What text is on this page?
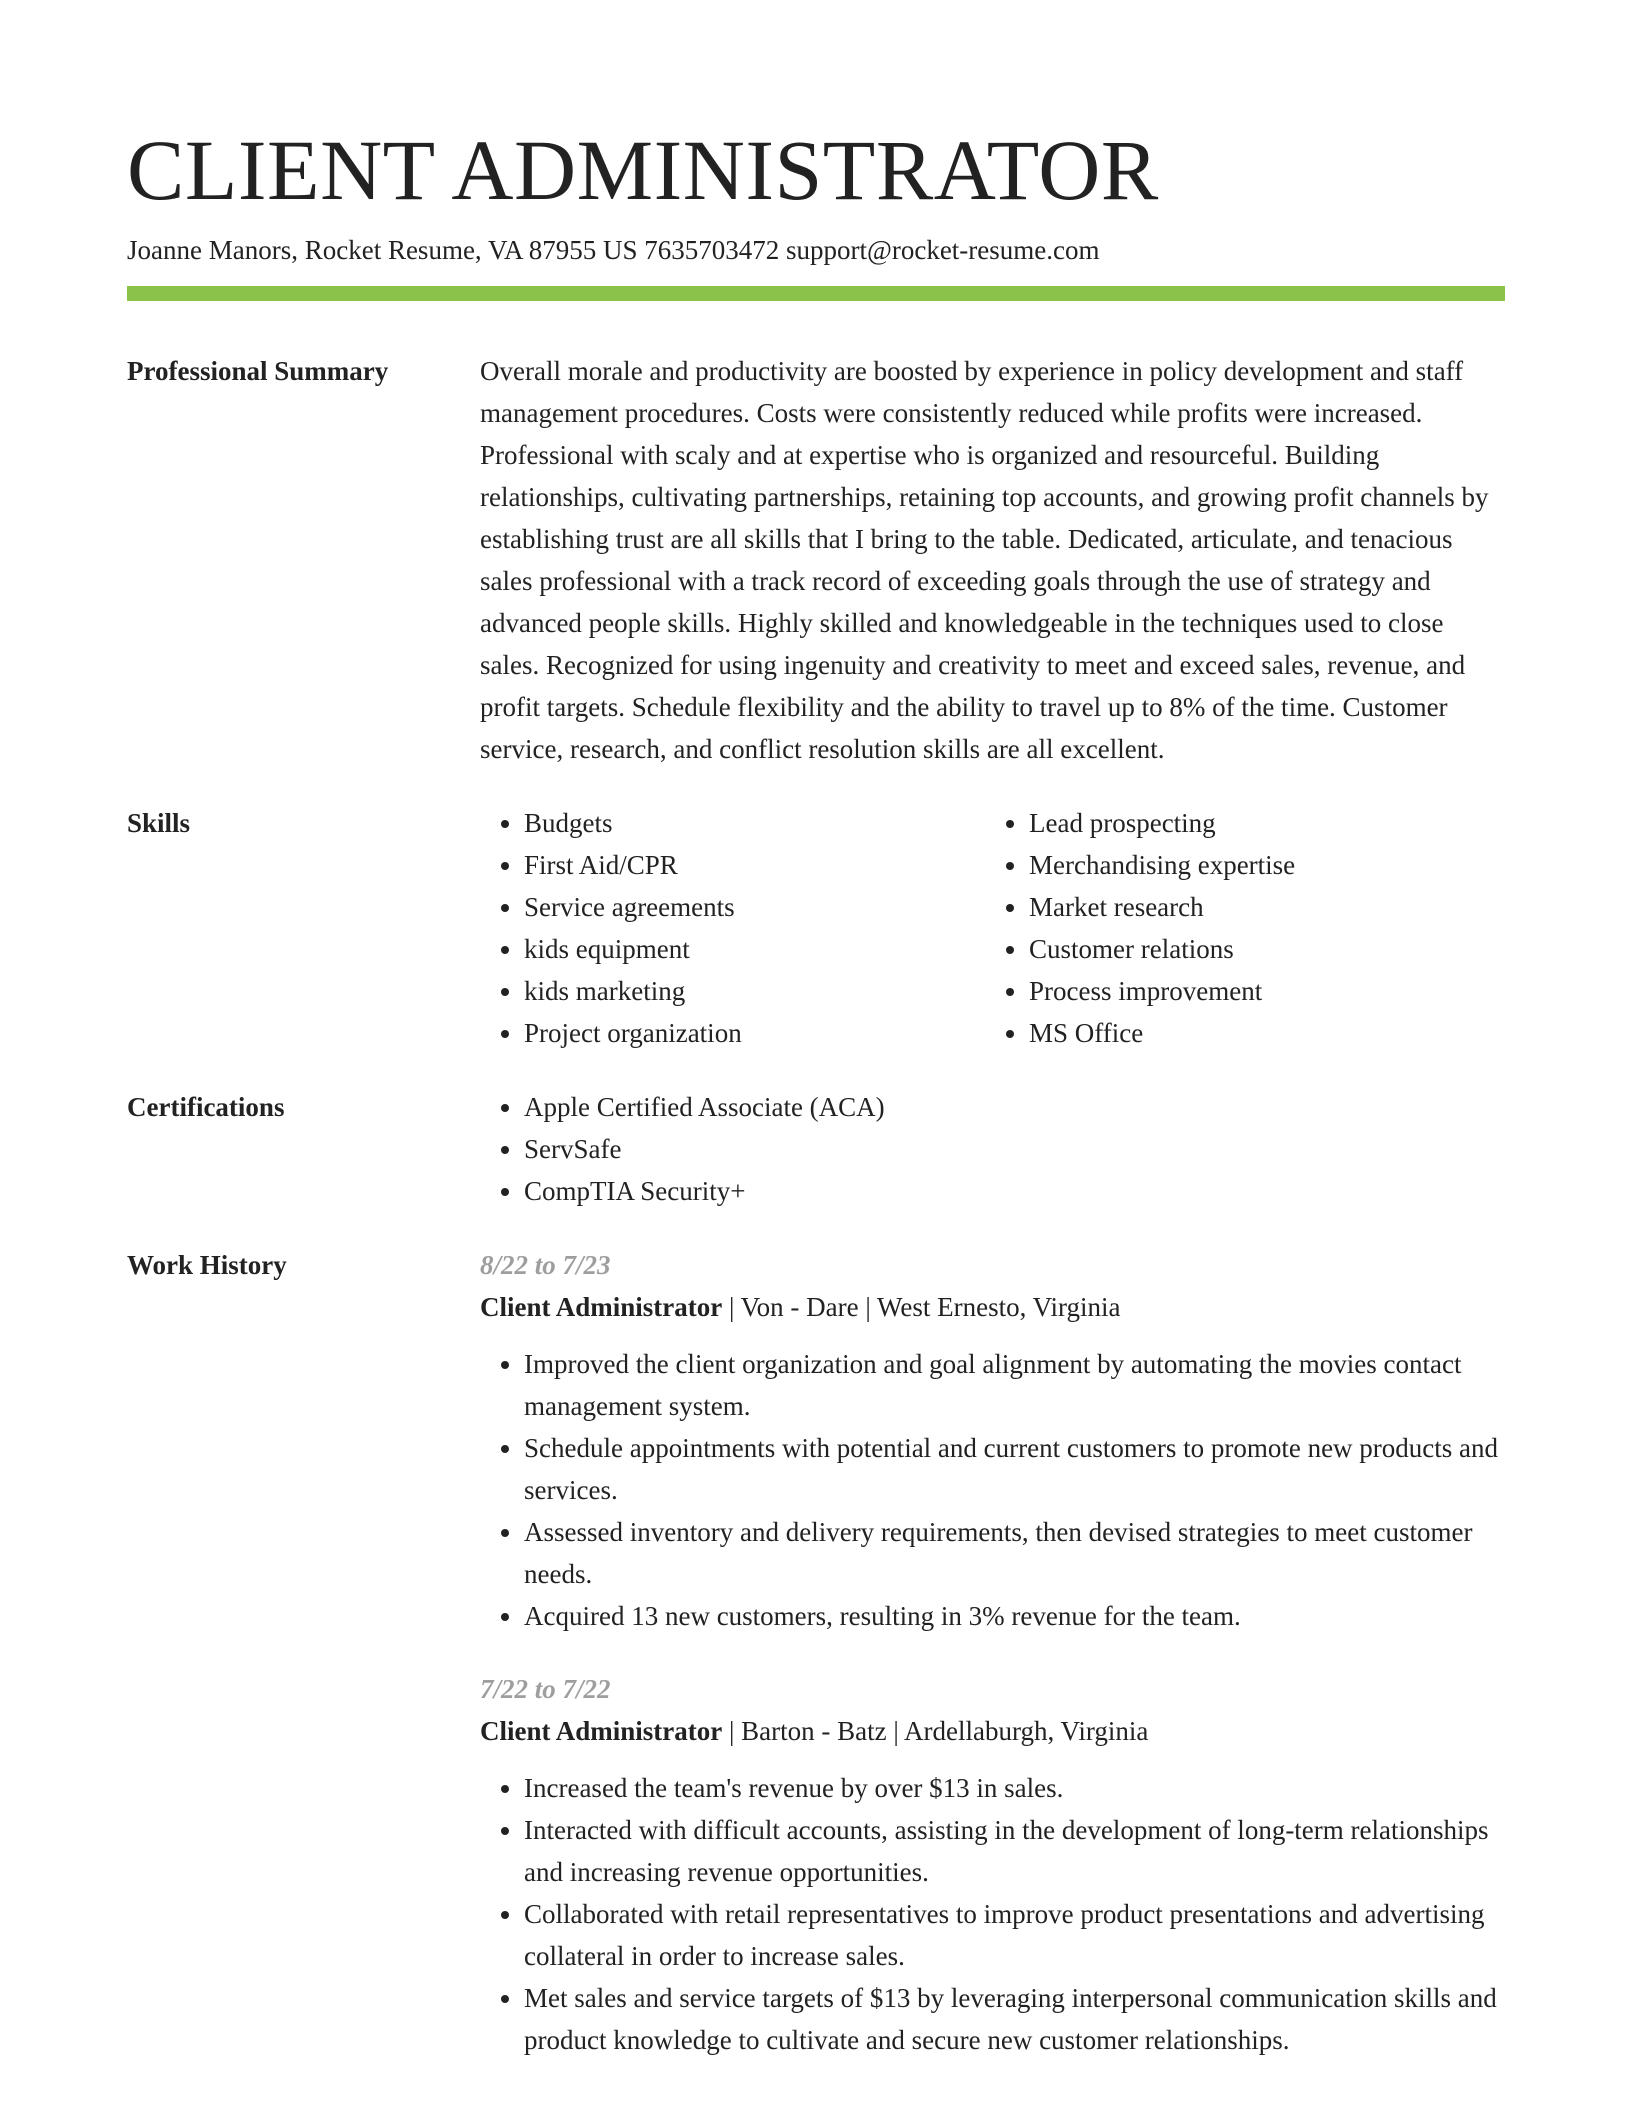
CLIENT ADMINISTRATOR
Joanne Manors, Rocket Resume, VA 87955 US 7635703472 support@rocket-resume.com
Professional Summary	Overall morale and productivity are boosted by experience in policy development and staff management procedures. Costs were consistently reduced while profits were increased. Professional with scaly and at expertise who is organized and resourceful. Building relationships, cultivating partnerships, retaining top accounts, and growing profit channels by establishing trust are all skills that I bring to the table. Dedicated, articulate, and tenacious sales professional with a track record of exceeding goals through the use of strategy and advanced people skills. Highly skilled and knowledgeable in the techniques used to close sales. Recognized for using ingenuity and creativity to meet and exceed sales, revenue, and profit targets. Schedule flexibility and the ability to travel up to 8% of the time. Customer service, research, and conflict resolution skills are all excellent.

Skills	• Budgets
• First Aid/CPR
• Service agreements
• kids equipment
• kids marketing
• Project organization
• Lead prospecting
• Merchandising expertise
• Market research
• Customer relations
• Process improvement
• MS Office
Certifications	• Apple Certified Associate (ACA)
• ServSafe
• CompTIA Security+
Work History	8/22 to 7/23
Client Administrator | Von - Dare | West Ernesto, Virginia
• Improved the client organization and goal alignment by automating the movies contact management system.
• Schedule appointments with potential and current customers to promote new products and services.
• Assessed inventory and delivery requirements, then devised strategies to meet customer needs.
• Acquired 13 new customers, resulting in 3% revenue for the team.
7/22 to 7/22
Client Administrator | Barton - Batz | Ardellaburgh, Virginia
• Increased the team's revenue by over $13 in sales.
• Interacted with difficult accounts, assisting in the development of long-term relationships and increasing revenue opportunities.
• Collaborated with retail representatives to improve product presentations and advertising collateral in order to increase sales.
• Met sales and service targets of $13 by leveraging interpersonal communication skills and product knowledge to cultivate and secure new customer relationships.
